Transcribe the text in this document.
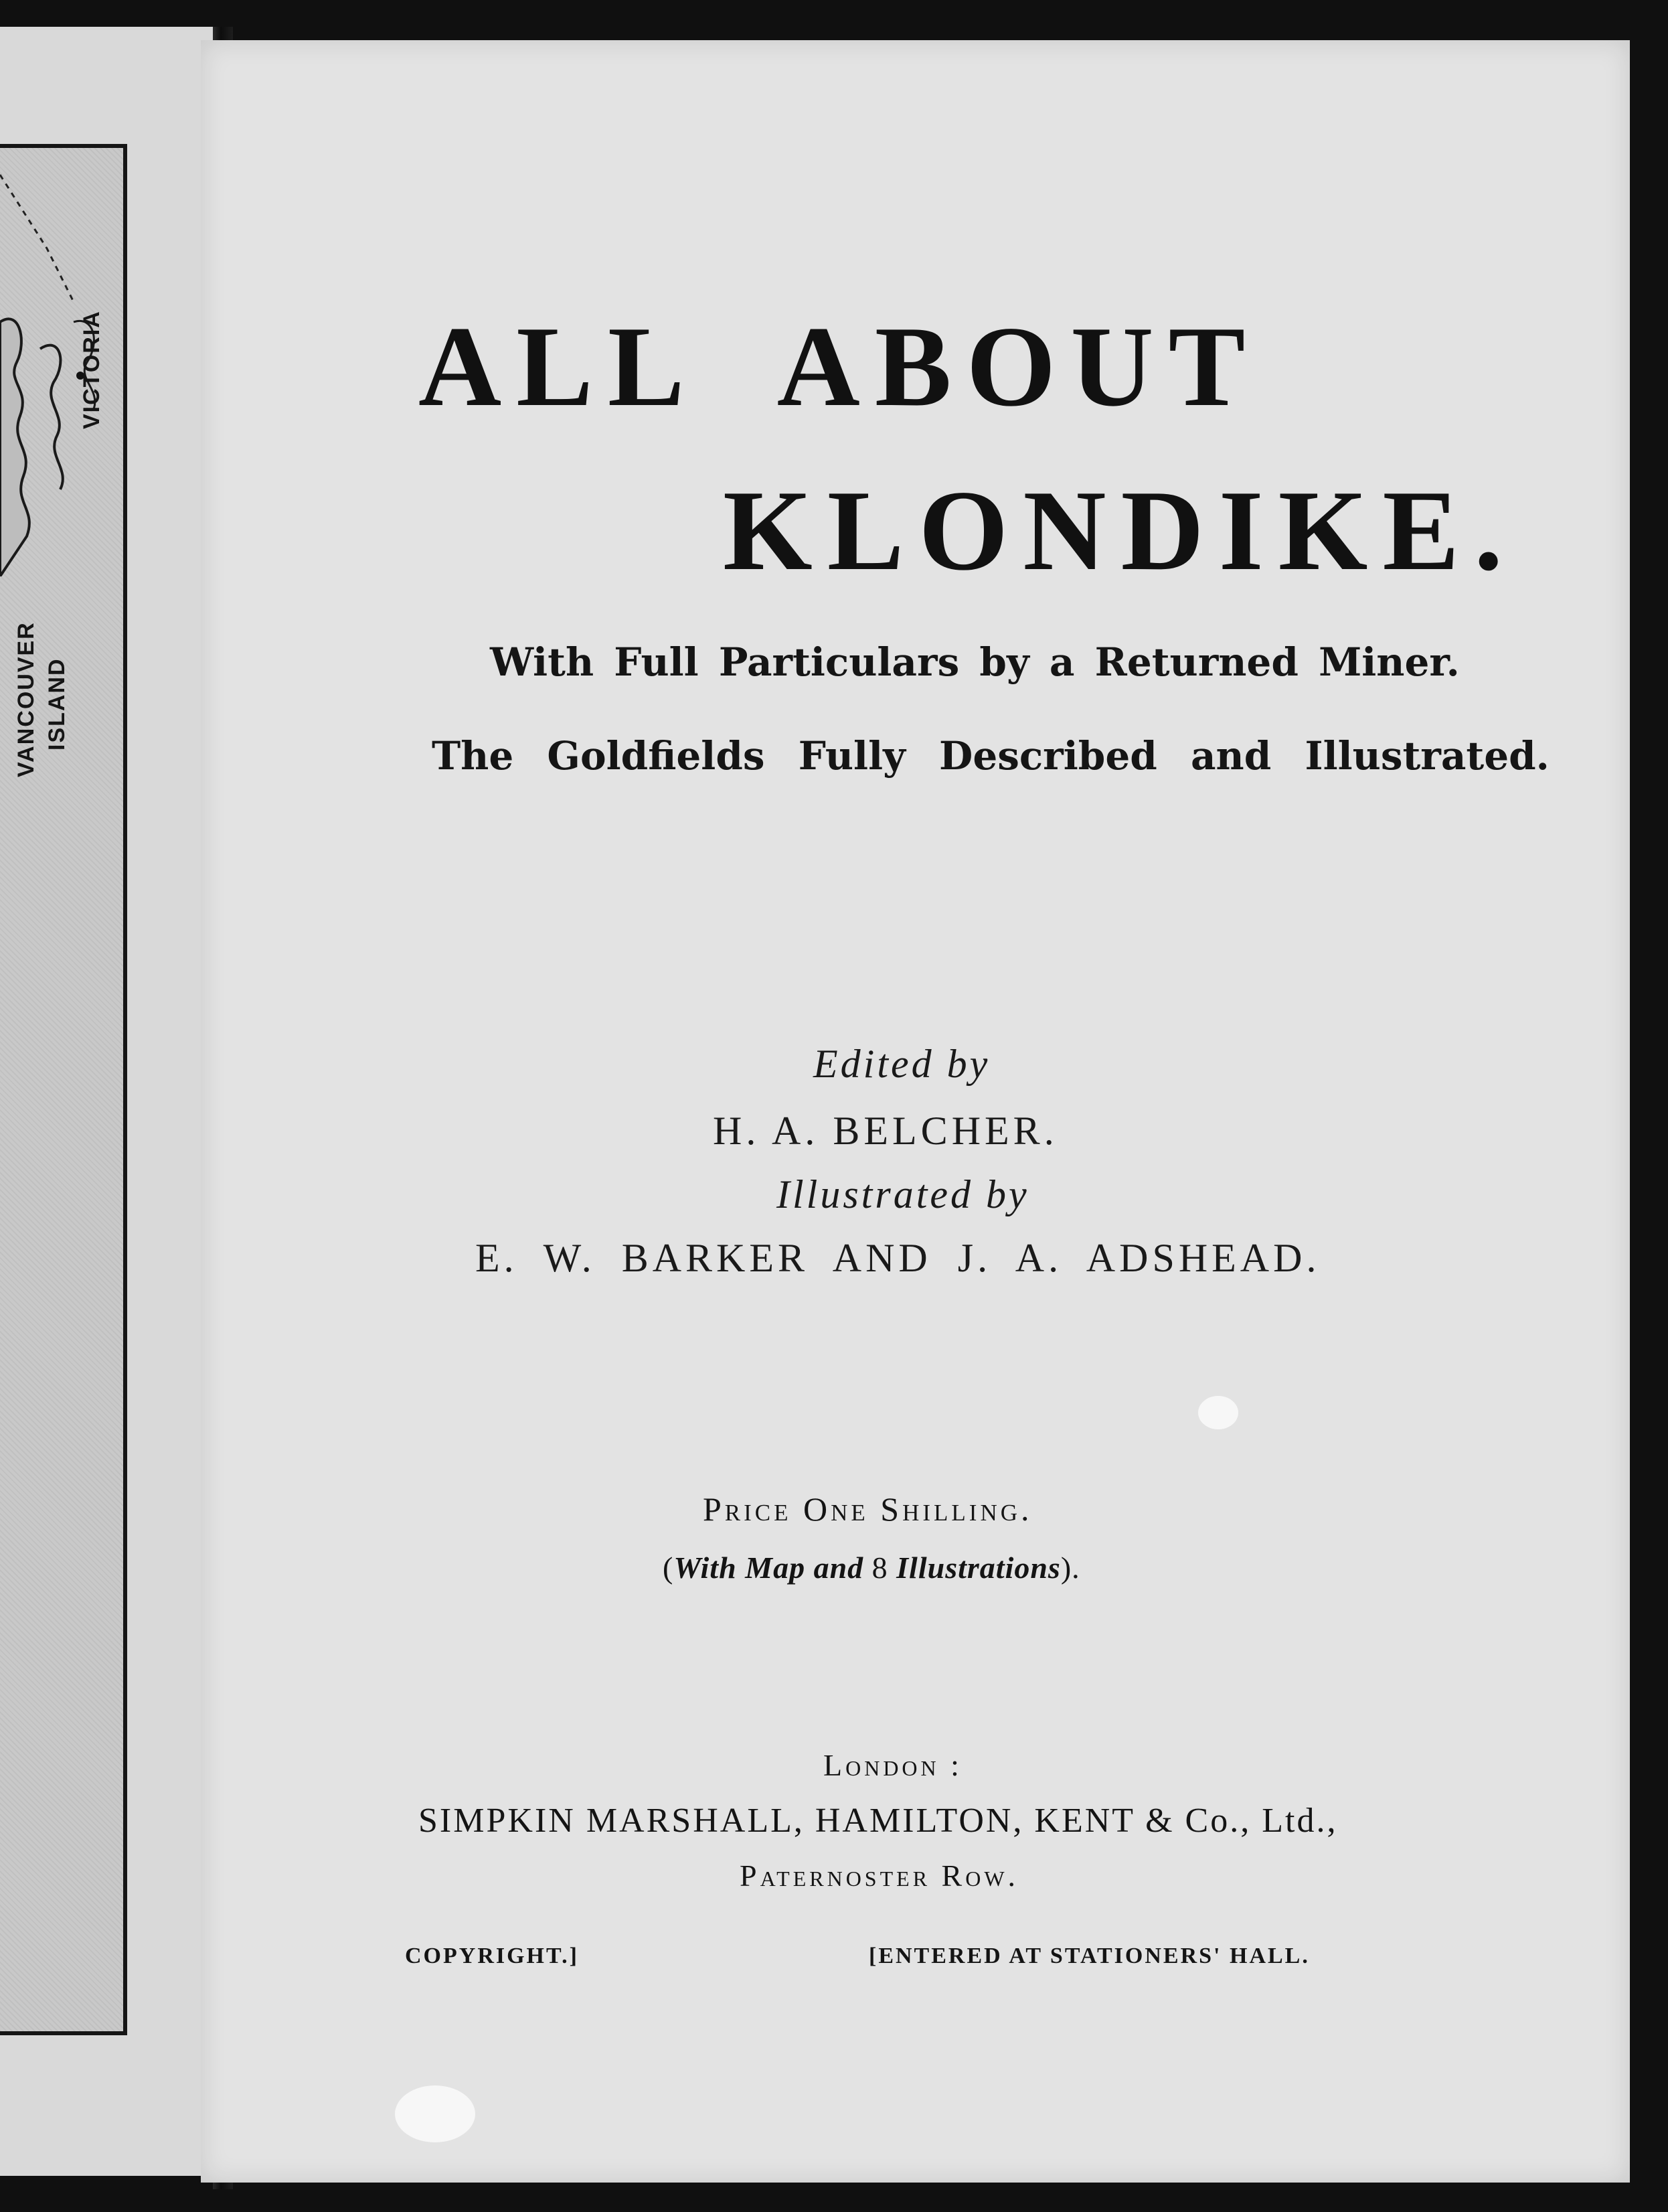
VICTORIA
VANCOUVER ISLAND
ALL ABOUT
KLONDIKE.
With Full Particulars by a Returned Miner.
The Goldfields Fully Described and Illustrated.
Edited by
H. A. BELCHER.
Illustrated by
E. W. BARKER AND J. A. ADSHEAD.
Price One Shilling.
(With Map and 8 Illustrations).
London :
SIMPKIN MARSHALL, HAMILTON, KENT & Co., Ltd.,
Paternoster Row.
COPYRIGHT.]	[ENTERED AT STATIONERS' HALL.
